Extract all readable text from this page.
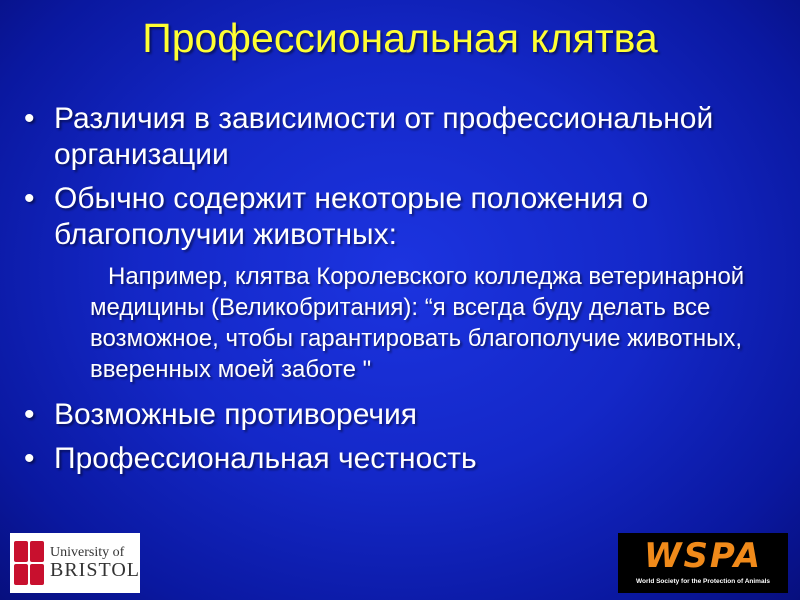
Профессиональная клятва
• Различия в зависимости от профессиональной организации
• Обычно содержит некоторые положения о благополучии животных:
Например, клятва Королевского колледжа ветеринарной медицины (Великобритания): “я всегда буду делать все возможное, чтобы гарантировать благополучие животных, вверенных моей заботе "
• Возможные противоречия
• Профессиональная честность
University of
BRISTOL	WSPA
World Society for the Protection of Animals
